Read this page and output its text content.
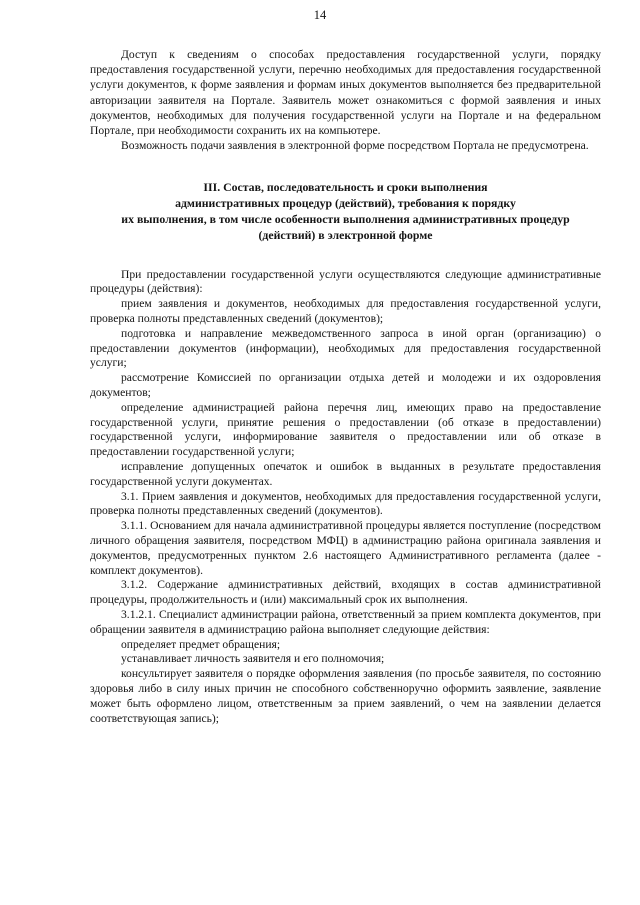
14

Доступ к сведениям о способах предоставления государственной услуги, порядку предоставления государственной услуги, перечню необходимых для предоставления государственной услуги документов, к форме заявления и формам иных документов выполняется без предварительной авторизации заявителя на Портале. Заявитель может ознакомиться с формой заявления и иных документов, необходимых для получения государственной услуги на Портале и на федеральном Портале, при необходимости сохранить их на компьютере.

Возможность подачи заявления в электронной форме посредством Портала не предусмотрена.

III. Состав, последовательность и сроки выполнения

административных процедур (действий), требования к порядку

их выполнения, в том числе особенности выполнения административных процедур

(действий) в электронной форме

При предоставлении государственной услуги осуществляются следующие административные процедуры (действия):

прием заявления и документов, необходимых для предоставления государственной услуги, проверка полноты представленных сведений (документов);

подготовка и направление межведомственного запроса в иной орган (организацию) о предоставлении документов (информации), необходимых для предоставления государственной услуги;

рассмотрение Комиссией по организации отдыха детей и молодежи и их оздоровления документов;

определение администрацией района перечня лиц, имеющих право на предоставление государственной услуги, принятие решения о предоставлении (об отказе в предоставлении) государственной услуги, информирование заявителя о предоставлении или об отказе в предоставлении государственной услуги;

исправление допущенных опечаток и ошибок в выданных в результате предоставления государственной услуги документах.

3.1. Прием заявления и документов, необходимых для предоставления государственной услуги, проверка полноты представленных сведений (документов).

3.1.1. Основанием для начала административной процедуры является поступление (посредством личного обращения заявителя, посредством МФЦ) в администрацию района оригинала заявления и документов, предусмотренных пунктом 2.6 настоящего Административного регламента (далее - комплект документов).

3.1.2. Содержание административных действий, входящих в состав административной процедуры, продолжительность и (или) максимальный срок их выполнения.

3.1.2.1. Специалист администрации района, ответственный за прием комплекта документов, при обращении заявителя в администрацию района выполняет следующие действия:

определяет предмет обращения;

устанавливает личность заявителя и его полномочия;

консультирует заявителя о порядке оформления заявления (по просьбе заявителя, по состоянию здоровья либо в силу иных причин не способного собственноручно оформить заявление, заявление может быть оформлено лицом, ответственным за прием заявлений, о чем на заявлении делается соответствующая запись);
